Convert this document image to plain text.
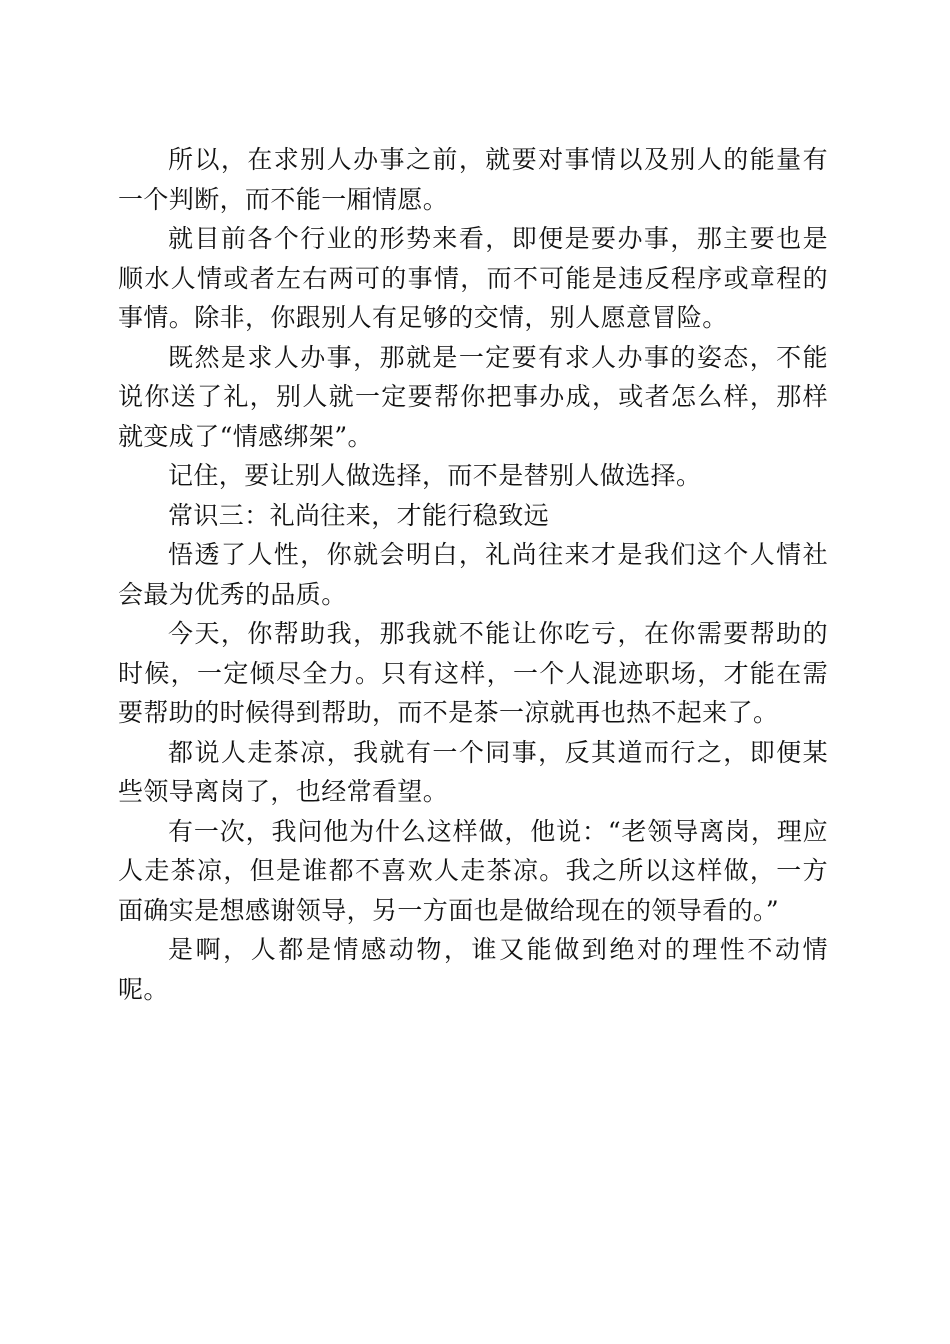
所以，在求别人办事之前，就要对事情以及别人的能量有一个判断，而不能一厢情愿。

就目前各个行业的形势来看，即便是要办事，那主要也是顺水人情或者左右两可的事情，而不可能是违反程序或章程的事情。除非，你跟别人有足够的交情，别人愿意冒险。

既然是求人办事，那就是一定要有求人办事的姿态，不能说你送了礼，别人就一定要帮你把事办成，或者怎么样，那样就变成了“情感绑架”。

记住，要让别人做选择，而不是替别人做选择。

常识三：礼尚往来，才能行稳致远

悟透了人性，你就会明白，礼尚往来才是我们这个人情社会最为优秀的品质。

今天，你帮助我，那我就不能让你吃亏，在你需要帮助的时候，一定倾尽全力。只有这样，一个人混迹职场，才能在需要帮助的时候得到帮助，而不是茶一凉就再也热不起来了。

都说人走茶凉，我就有一个同事，反其道而行之，即便某些领导离岗了，也经常看望。

有一次，我问他为什么这样做，他说：“老领导离岗，理应人走茶凉，但是谁都不喜欢人走茶凉。我之所以这样做，一方面确实是想感谢领导，另一方面也是做给现在的领导看的。”

是啊，人都是情感动物，谁又能做到绝对的理性不动情呢。
